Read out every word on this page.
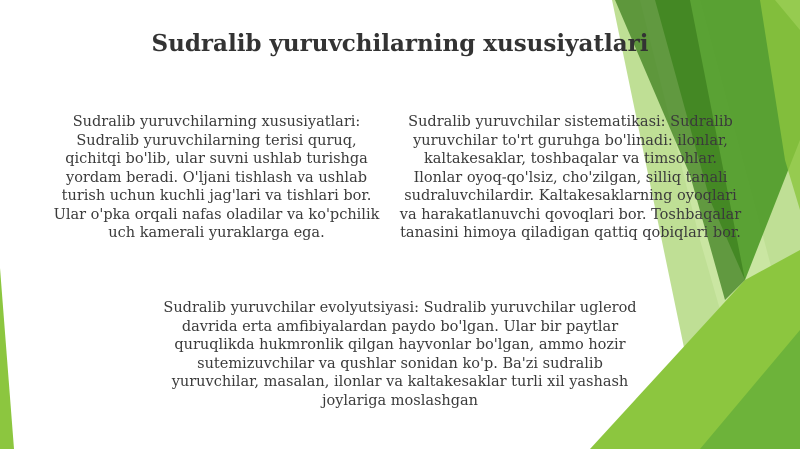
Sudralib yuruvchilarning xususiyatlari

Sudralib yuruvchilarning xususiyatlari: Sudralib yuruvchilarning terisi quruq, qichitqi bo'lib, ular suvni ushlab turishga yordam beradi. O'ljani tishlash va ushlab turish uchun kuchli jag'lari va tishlari bor. Ular o'pka orqali nafas oladilar va ko'pchilik uch kamerali yuraklarga ega.

Sudralib yuruvchilar sistematikasi: Sudralib yuruvchilar to'rt guruhga bo'linadi: ilonlar, kaltakesaklar, toshbaqalar va timsohlar. Ilonlar oyoq-qo'lsiz, cho'zilgan, silliq tanali sudraluvchilardir. Kaltakesaklarning oyoqlari va harakatlanuvchi qovoqlari bor. Toshbaqalar tanasini himoya qiladigan qattiq qobiqlari bor.

Sudralib yuruvchilar evolyutsiyasi: Sudralib yuruvchilar uglerod davrida erta amfibiyalardan paydo bo'lgan. Ular bir paytlar quruqlikda hukmronlik qilgan hayvonlar bo'lgan, ammo hozir sutemizuvchilar va qushlar sonidan ko'p. Ba'zi sudralib yuruvchilar, masalan, ilonlar va kaltakesaklar turli xil yashash joylariga moslashgan
